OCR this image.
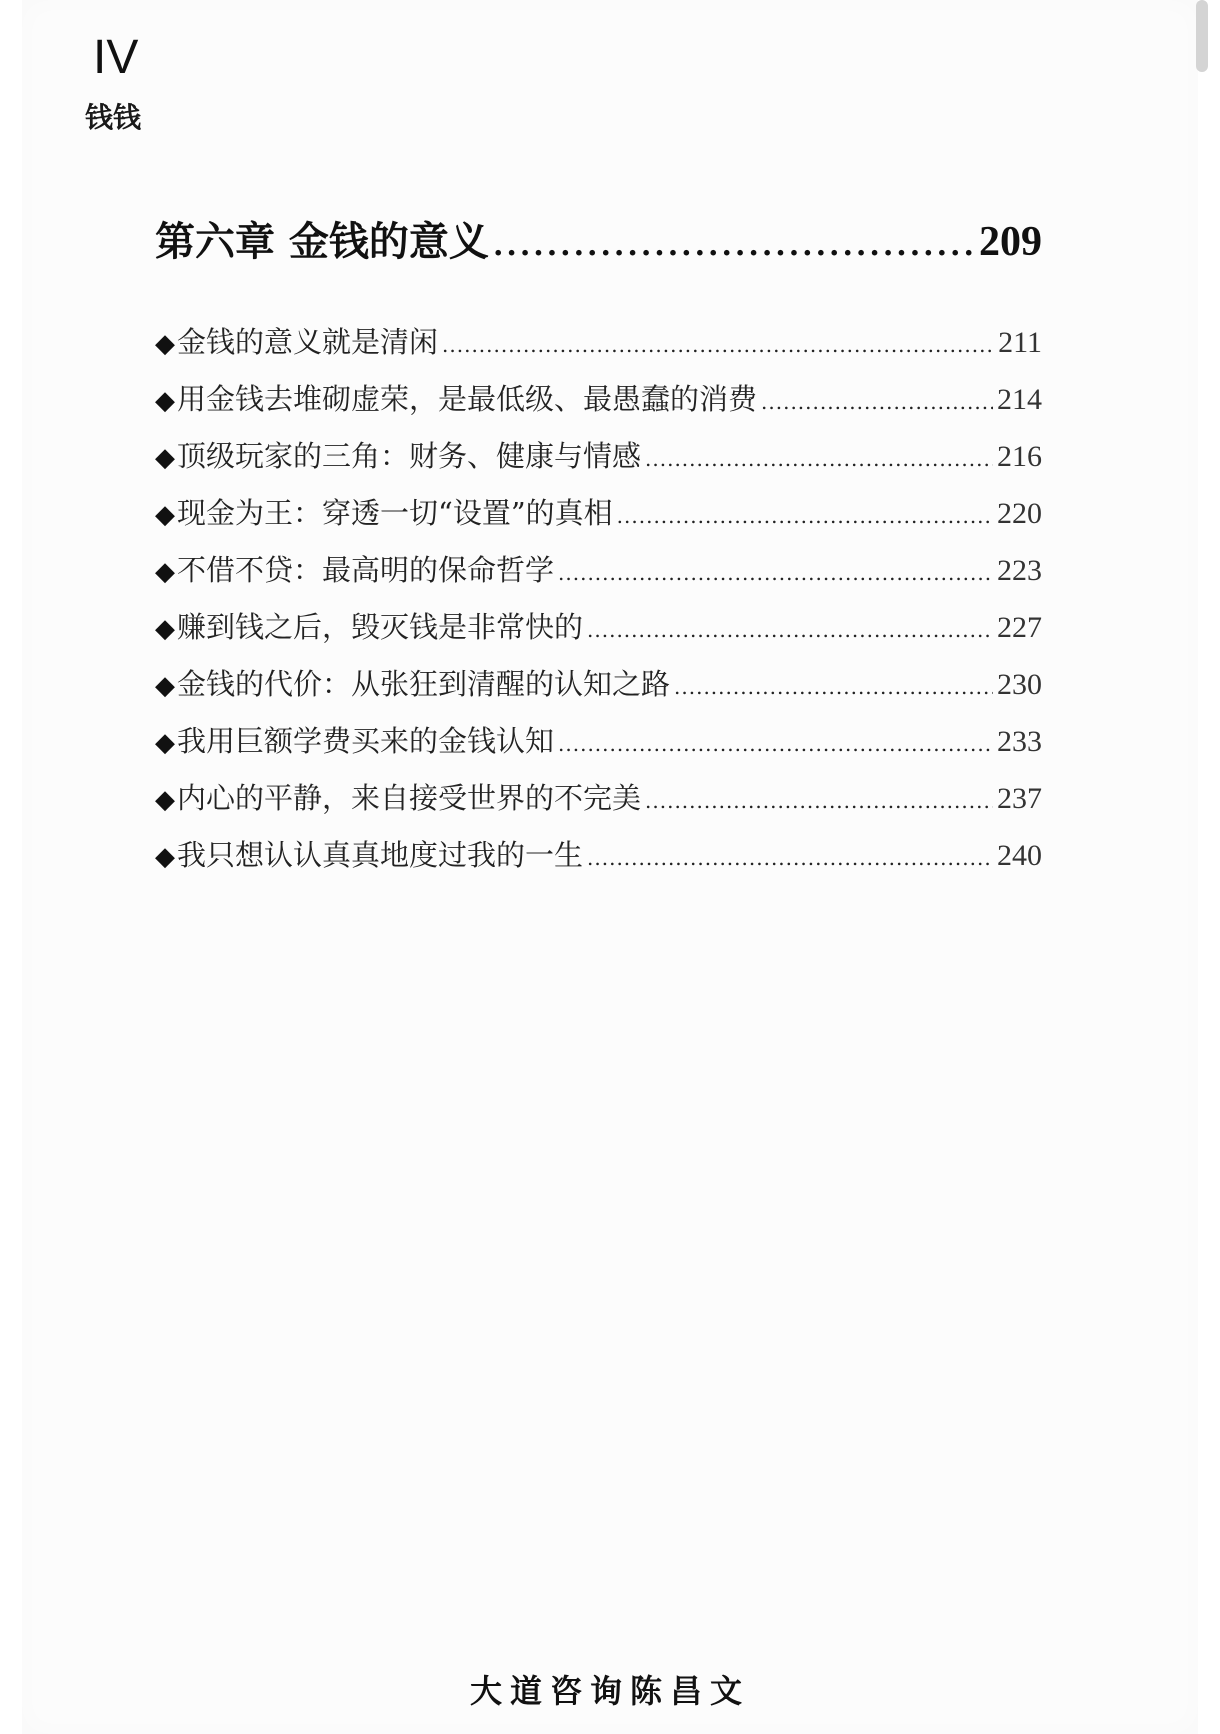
IV
钱钱
第六章 金钱的意义 .....	209
◆ 金钱的意义就是清闲 .....	211
◆ 用金钱去堆砌虚荣，是最低级、最愚蠢的消费 .....	214
◆ 顶级玩家的三角：财务、健康与情感 .....	216
◆ 现金为王：穿透一切“设置”的真相 .....	220
◆ 不借不贷：最高明的保命哲学 .....	223
◆ 赚到钱之后，毁灭钱是非常快的 .....	227
◆ 金钱的代价：从张狂到清醒的认知之路 .....	230
◆ 我用巨额学费买来的金钱认知 .....	233
◆ 内心的平静，来自接受世界的不完美 .....	237
◆ 我只想认认真真地度过我的一生 .....	240
大道咨询陈昌文
